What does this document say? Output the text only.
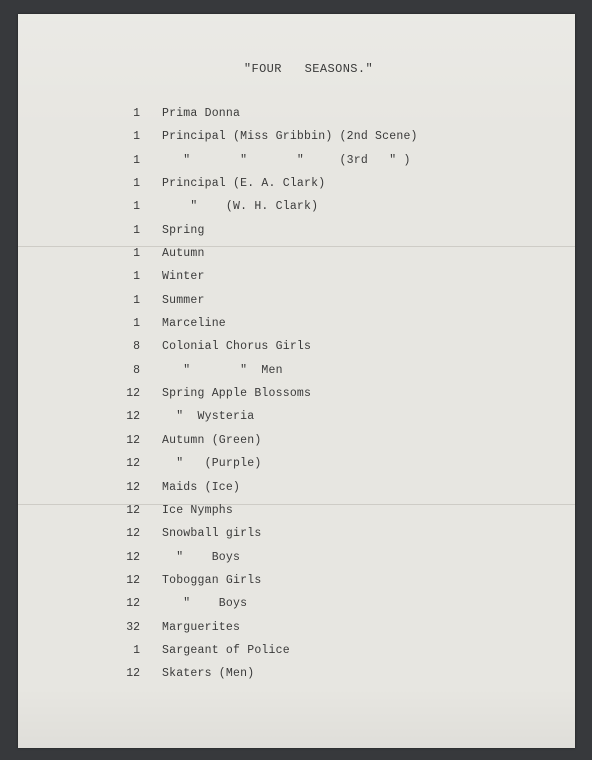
"FOUR   SEASONS."
1 Prima Donna
1 Principal (Miss Gribbin) (2nd Scene)
1 "       "       "     (3rd   " )
1 Principal (E. A. Clark)
1 "    (W. H. Clark)
1 Spring
1 Autumn
1 Winter
1 Summer
1 Marceline
8 Colonial Chorus Girls
8 "       "  Men
12 Spring Apple Blossoms
12 "  Wysteria
12 Autumn (Green)
12 "   (Purple)
12 Maids (Ice)
12 Ice Nymphs
12 Snowball girls
12 "    Boys
12 Toboggan Girls
12 "    Boys
32 Marguerites
1 Sargeant of Police
12 Skaters (Men)
